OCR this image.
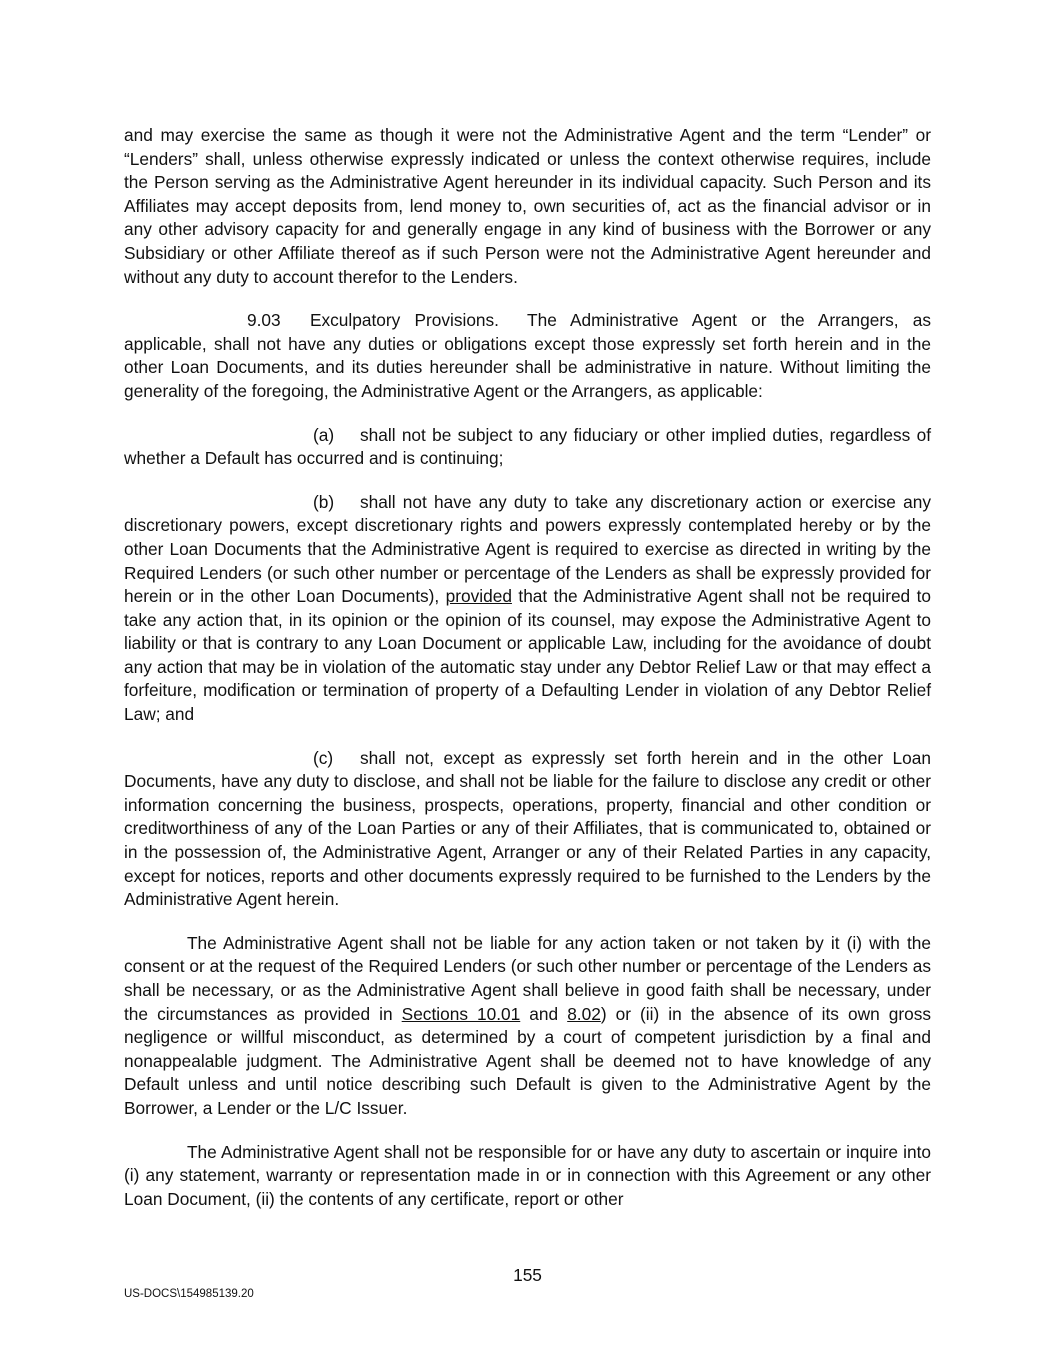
and may exercise the same as though it were not the Administrative Agent and the term “Lender” or “Lenders” shall, unless otherwise expressly indicated or unless the context otherwise requires, include the Person serving as the Administrative Agent hereunder in its individual capacity. Such Person and its Affiliates may accept deposits from, lend money to, own securities of, act as the financial advisor or in any other advisory capacity for and generally engage in any kind of business with the Borrower or any Subsidiary or other Affiliate thereof as if such Person were not the Administrative Agent hereunder and without any duty to account therefor to the Lenders.

9.03 Exculpatory Provisions. The Administrative Agent or the Arrangers, as applicable, shall not have any duties or obligations except those expressly set forth herein and in the other Loan Documents, and its duties hereunder shall be administrative in nature. Without limiting the generality of the foregoing, the Administrative Agent or the Arrangers, as applicable:

(a) shall not be subject to any fiduciary or other implied duties, regardless of whether a Default has occurred and is continuing;

(b) shall not have any duty to take any discretionary action or exercise any discretionary powers, except discretionary rights and powers expressly contemplated hereby or by the other Loan Documents that the Administrative Agent is required to exercise as directed in writing by the Required Lenders (or such other number or percentage of the Lenders as shall be expressly provided for herein or in the other Loan Documents), provided that the Administrative Agent shall not be required to take any action that, in its opinion or the opinion of its counsel, may expose the Administrative Agent to liability or that is contrary to any Loan Document or applicable Law, including for the avoidance of doubt any action that may be in violation of the automatic stay under any Debtor Relief Law or that may effect a forfeiture, modification or termination of property of a Defaulting Lender in violation of any Debtor Relief Law; and

(c) shall not, except as expressly set forth herein and in the other Loan Documents, have any duty to disclose, and shall not be liable for the failure to disclose any credit or other information concerning the business, prospects, operations, property, financial and other condition or creditworthiness of any of the Loan Parties or any of their Affiliates, that is communicated to, obtained or in the possession of, the Administrative Agent, Arranger or any of their Related Parties in any capacity, except for notices, reports and other documents expressly required to be furnished to the Lenders by the Administrative Agent herein.

The Administrative Agent shall not be liable for any action taken or not taken by it (i) with the consent or at the request of the Required Lenders (or such other number or percentage of the Lenders as shall be necessary, or as the Administrative Agent shall believe in good faith shall be necessary, under the circumstances as provided in Sections 10.01 and 8.02) or (ii) in the absence of its own gross negligence or willful misconduct, as determined by a court of competent jurisdiction by a final and nonappealable judgment. The Administrative Agent shall be deemed not to have knowledge of any Default unless and until notice describing such Default is given to the Administrative Agent by the Borrower, a Lender or the L/C Issuer.

The Administrative Agent shall not be responsible for or have any duty to ascertain or inquire into (i) any statement, warranty or representation made in or in connection with this Agreement or any other Loan Document, (ii) the contents of any certificate, report or other

155
US-DOCS\154985139.20
